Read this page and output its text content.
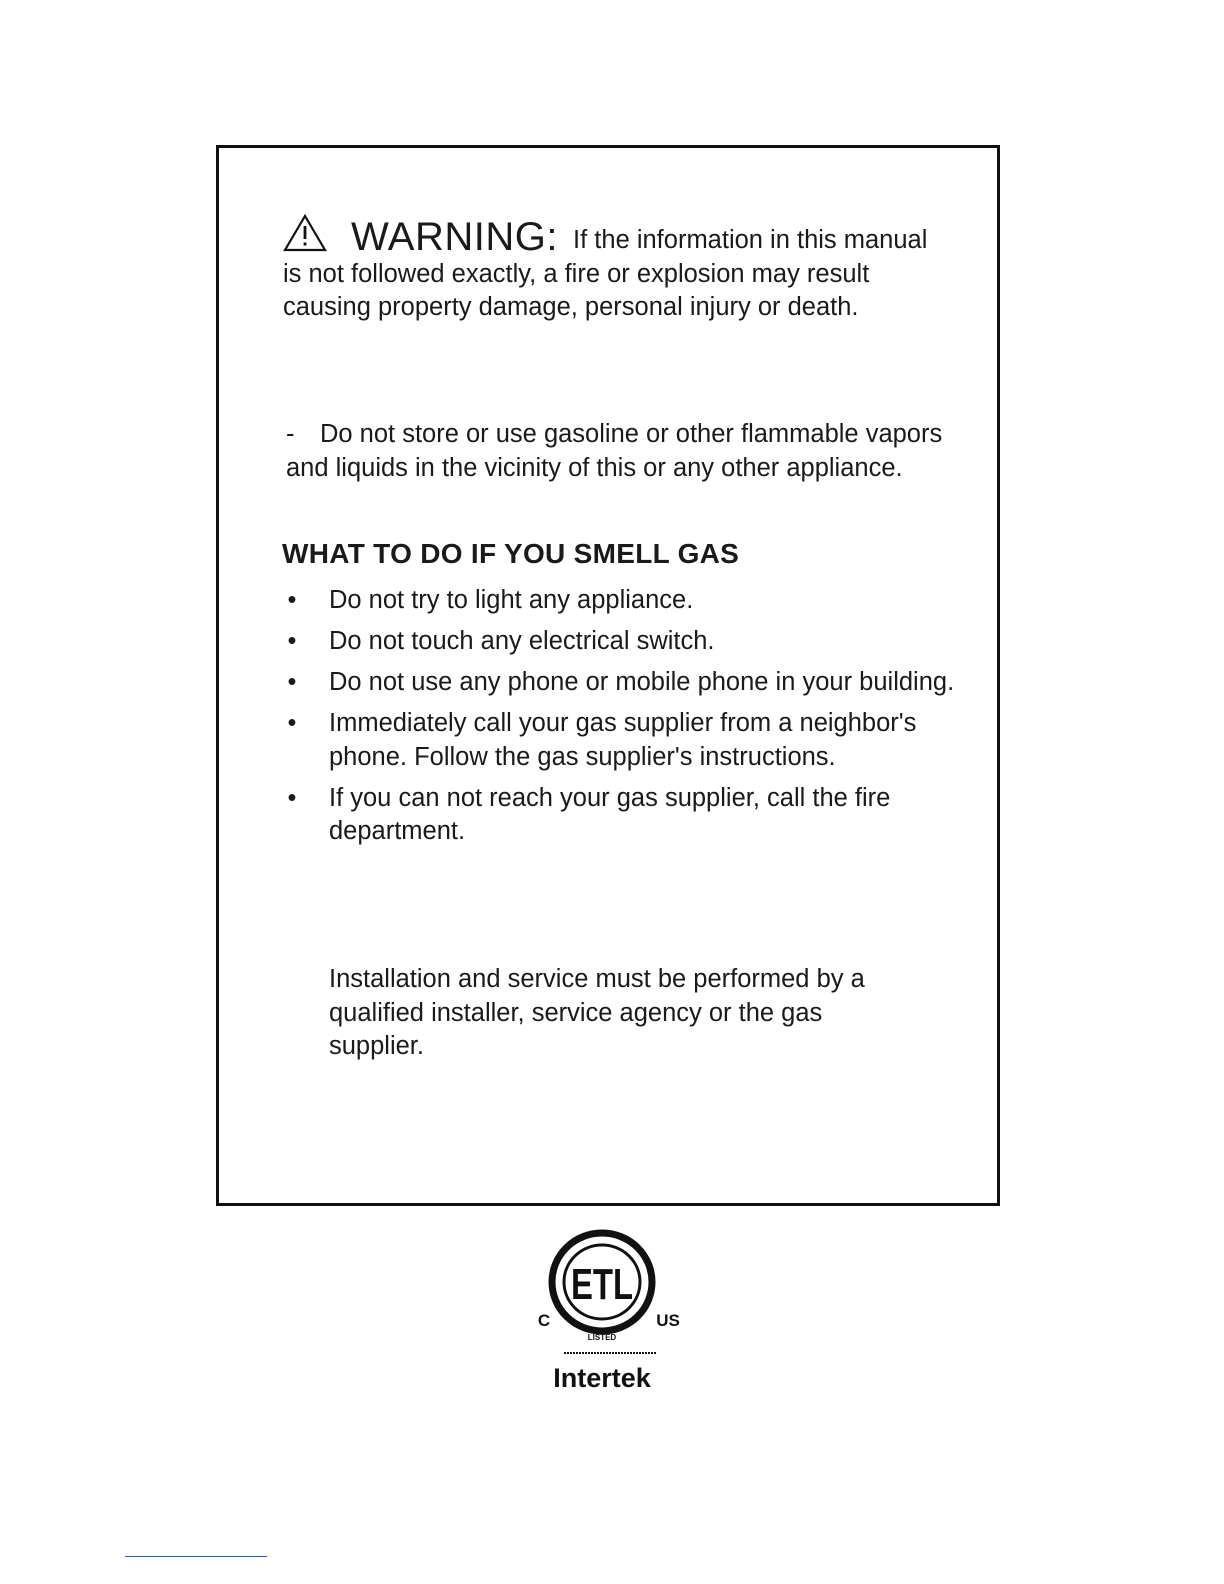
WARNING: If the information in this manual
is not followed exactly, a fire or explosion may result
causing property damage, personal injury or death.
- Do not store or use gasoline or other flammable vapors and liquids in the vicinity of this or any other appliance.
WHAT TO DO IF YOU SMELL GAS
• Do not try to light any appliance.
• Do not touch any electrical switch.
• Do not use any phone or mobile phone in your building.
• Immediately call your gas supplier from a neighbor's phone. Follow the gas supplier's instructions.
• If you can not reach your gas supplier, call the fire department.
Installation and service must be performed by a qualified installer, service agency or the gas supplier.
ETL
C	US
LISTED
Intertek
